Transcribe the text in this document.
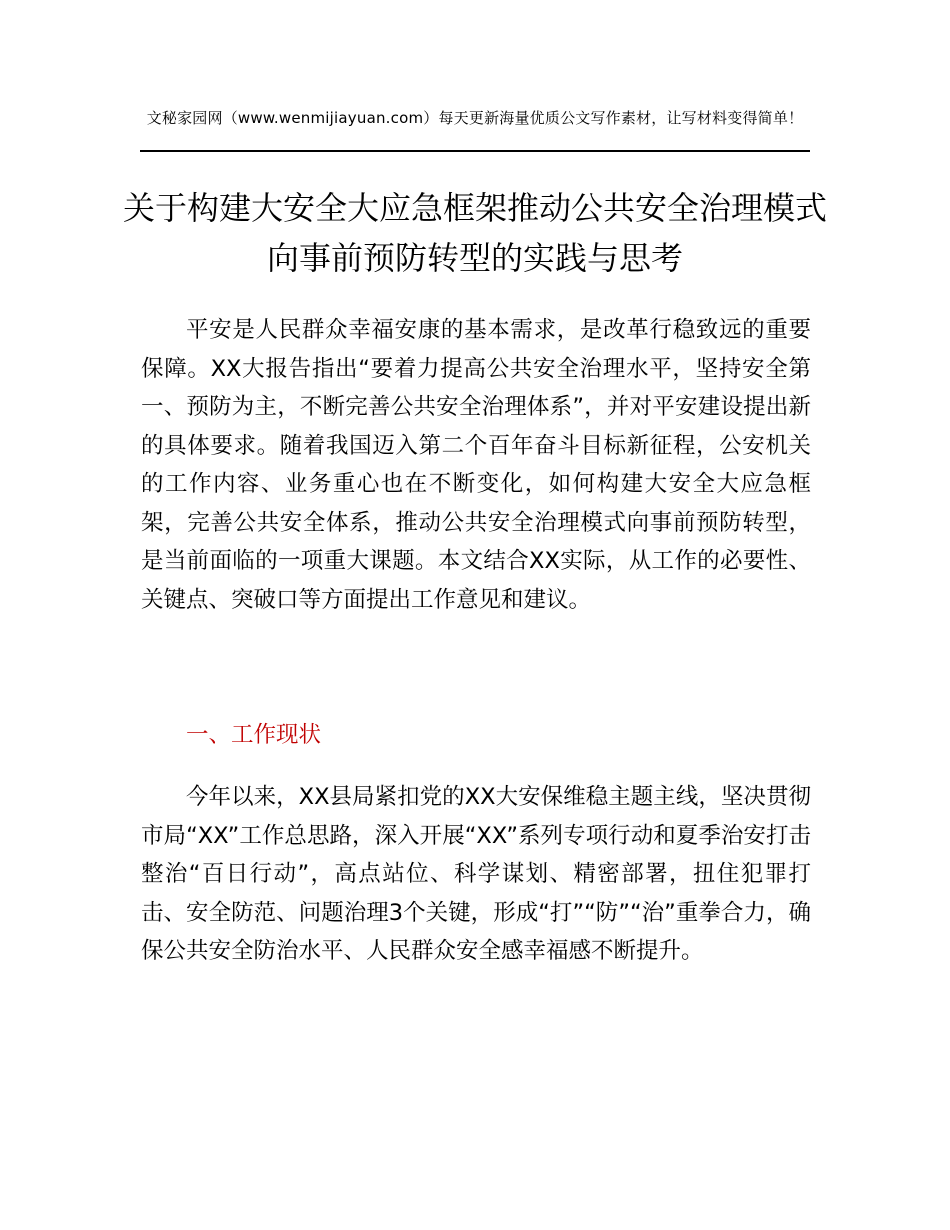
文秘家园网（www.wenmijiayuan.com）每天更新海量优质公文写作素材，让写材料变得简单！
关于构建大安全大应急框架推动公共安全治理模式向事前预防转型的实践与思考

平安是人民群众幸福安康的基本需求，是改革行稳致远的重要保障。XX大报告指出“要着力提高公共安全治理水平，坚持安全第一、预防为主，不断完善公共安全治理体系”，并对平安建设提出新的具体要求。随着我国迈入第二个百年奋斗目标新征程，公安机关的工作内容、业务重心也在不断变化，如何构建大安全大应急框架，完善公共安全体系，推动公共安全治理模式向事前预防转型，是当前面临的一项重大课题。本文结合XX实际，从工作的必要性、关键点、突破口等方面提出工作意见和建议。

一、工作现状

今年以来，XX县局紧扣党的XX大安保维稳主题主线，坚决贯彻市局“XX”工作总思路，深入开展“XX”系列专项行动和夏季治安打击整治“百日行动”，高点站位、科学谋划、精密部署，扭住犯罪打击、安全防范、问题治理3个关键，形成“打”“防”“治”重拳合力，确保公共安全防治水平、人民群众安全感幸福感不断提升。
